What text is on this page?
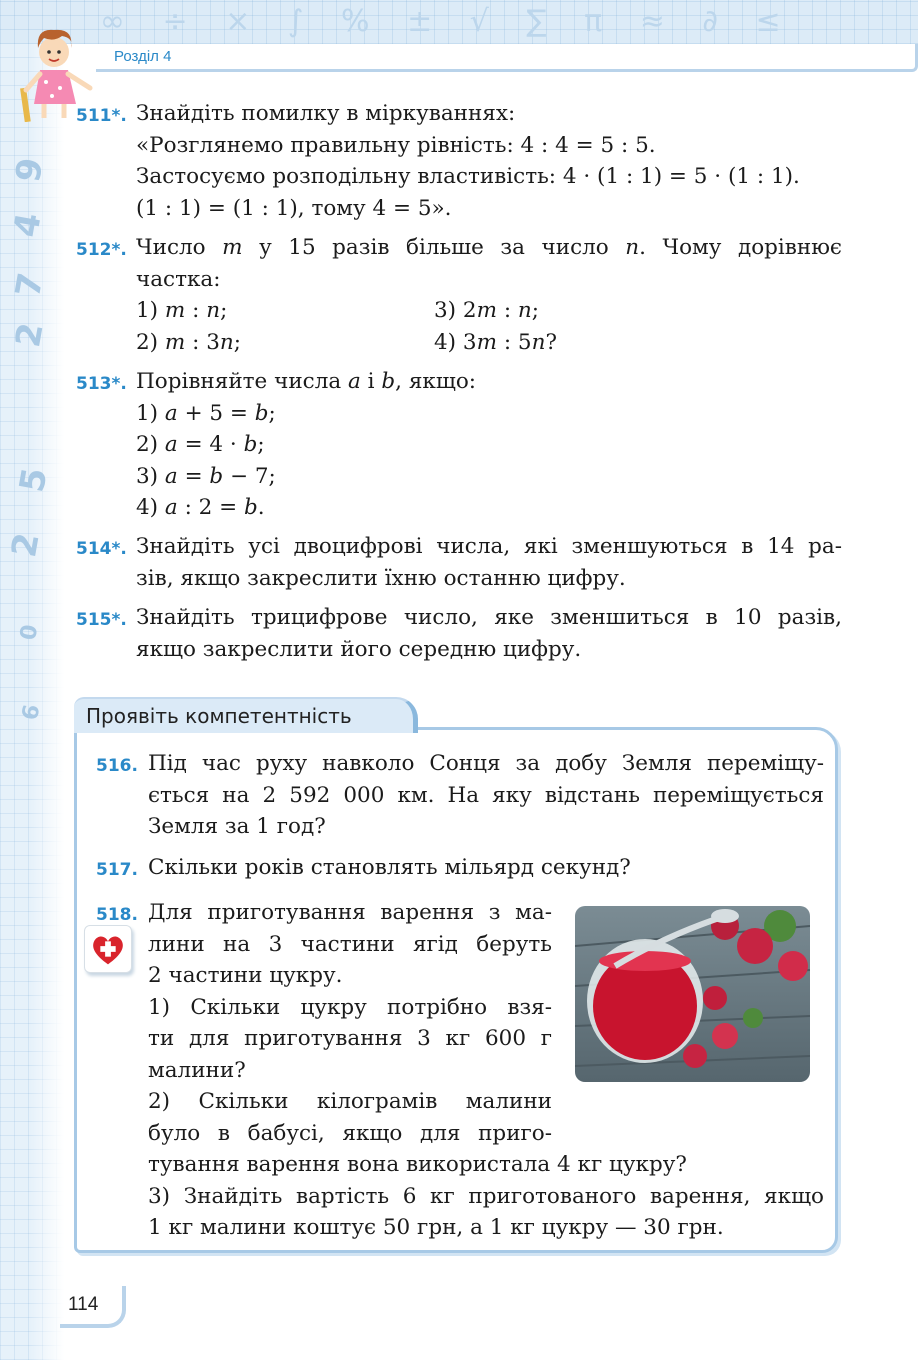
9
4
7
2
5
2
0
6
∞ ÷ × ∫ % ± √ ∑ π ≈ ∂ ≤
Розділ 4
511*. Знайдіть помилку в міркуваннях:
«Розглянемо правильну рівність: 4 : 4 = 5 : 5.
Застосуємо розподільну властивість: 4 · (1 : 1) = 5 · (1 : 1).
(1 : 1) = (1 : 1), тому 4 = 5».
512*. Число m у 15 разів більше за число n. Чому дорівнює
частка:
1) m : n;	3) 2m : n;
2) m : 3n;	4) 3m : 5n?
513*. Порівняйте числа a і b, якщо:
1) a + 5 = b;
2) a = 4 · b;
3) a = b − 7;
4) a : 2 = b.
514*. Знайдіть усі двоцифрові числа, які зменшуються в 14 ра-
зів, якщо закреслити їхню останню цифру.
515*. Знайдіть трицифрове число, яке зменшиться в 10 разів,
якщо закреслити його середню цифру.
Проявіть компетентність
516. Під час руху навколо Сонця за добу Земля переміщу-
ється на 2 592 000 км. На яку відстань переміщується
Земля за 1 год?
517. Скільки років становлять мільярд секунд?
518. Для приготування варення з ма-
лини на 3 частини ягід беруть
2 частини цукру.
1) Скільки цукру потрібно взя-
ти для приготування 3 кг 600 г
малини?
2) Скільки кілограмів малини
було в бабусі, якщо для приго-
тування варення вона використала 4 кг цукру?
3) Знайдіть вартість 6 кг приготованого варення, якщо
1 кг малини коштує 50 грн, а 1 кг цукру — 30 грн.
114
